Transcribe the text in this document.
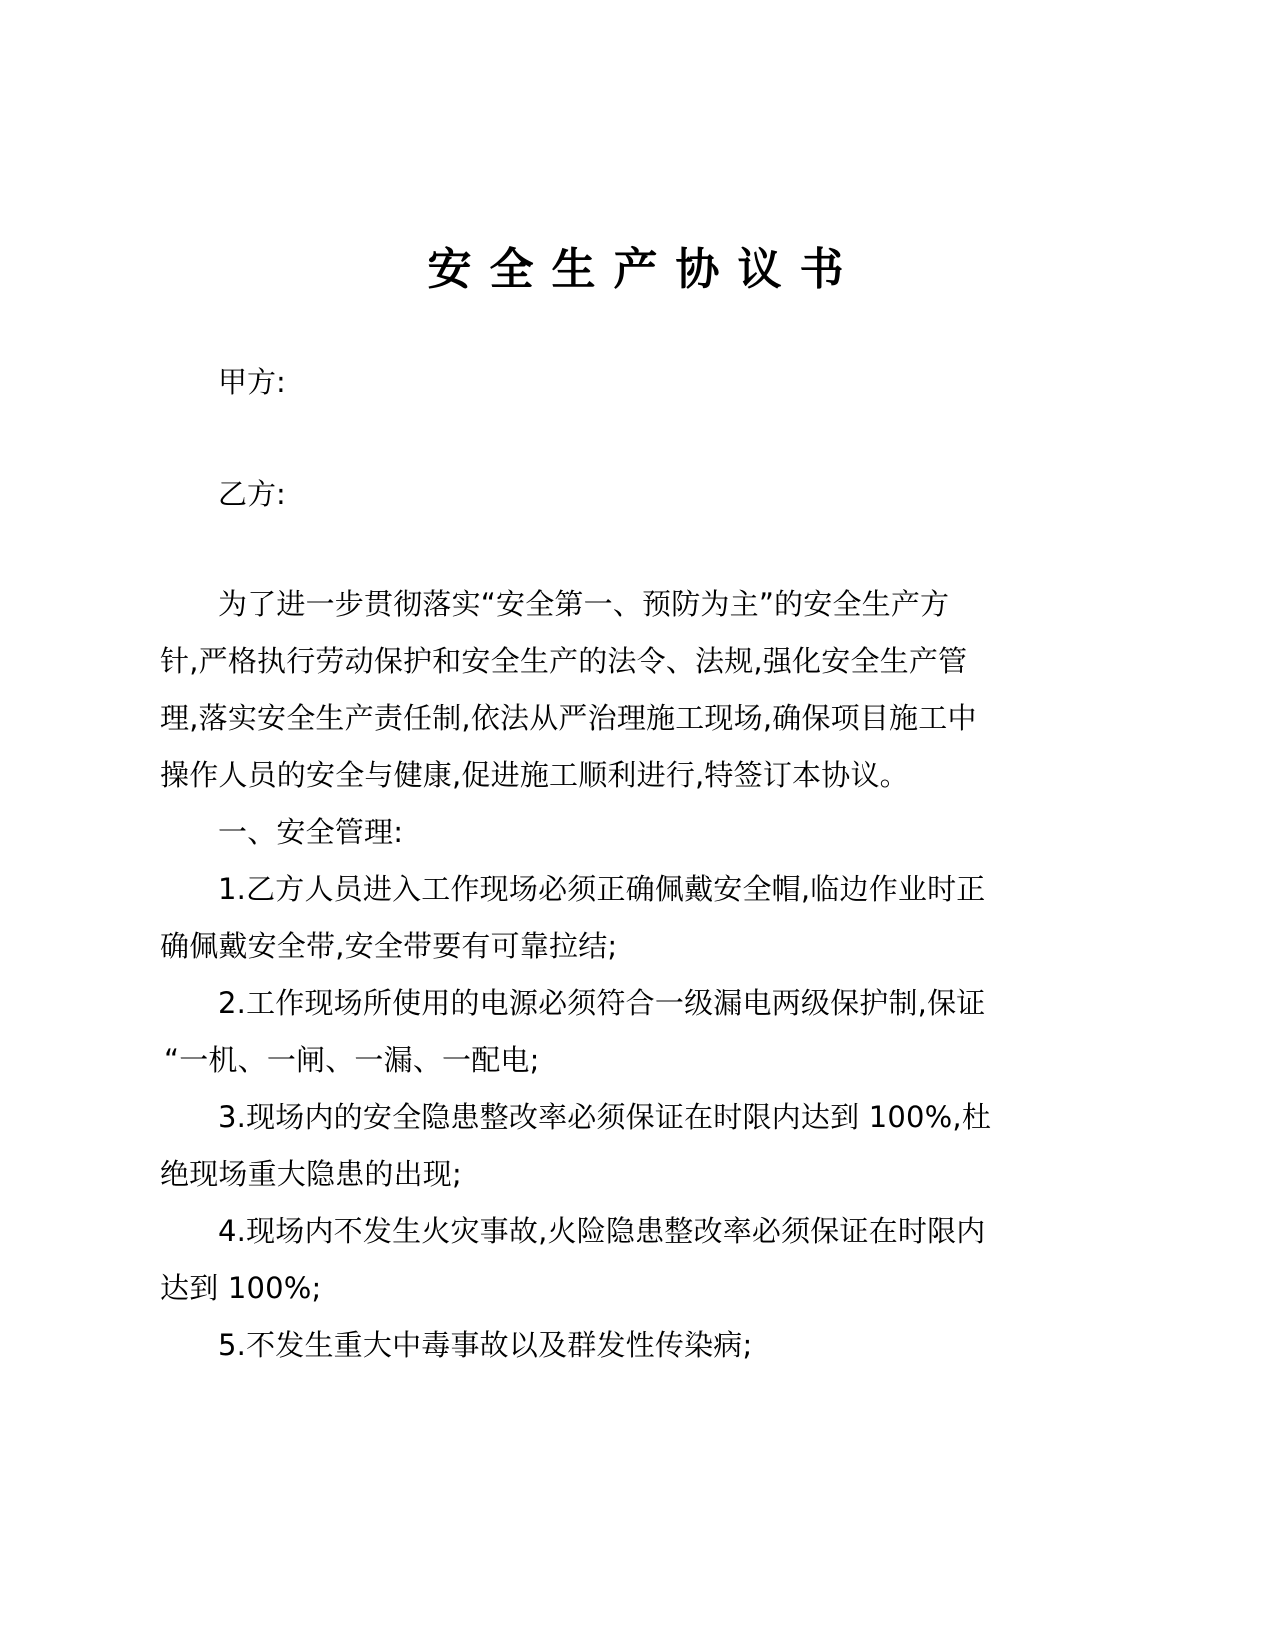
安全生产协议书
甲方:
乙方:
为了进一步贯彻落实“安全第一、预防为主”的安全生产方
针,严格执行劳动保护和安全生产的法令、法规,强化安全生产管
理,落实安全生产责任制,依法从严治理施工现场,确保项目施工中
操作人员的安全与健康,促进施工顺利进行,特签订本协议。
一、安全管理:
1.乙方人员进入工作现场必须正确佩戴安全帽,临边作业时正
确佩戴安全带,安全带要有可靠拉结;
2.工作现场所使用的电源必须符合一级漏电两级保护制,保证
“一机、一闸、一漏、一配电;
3.现场内的安全隐患整改率必须保证在时限内达到 100%,杜
绝现场重大隐患的出现;
4.现场内不发生火灾事故,火险隐患整改率必须保证在时限内
达到 100%;
5.不发生重大中毒事故以及群发性传染病;
